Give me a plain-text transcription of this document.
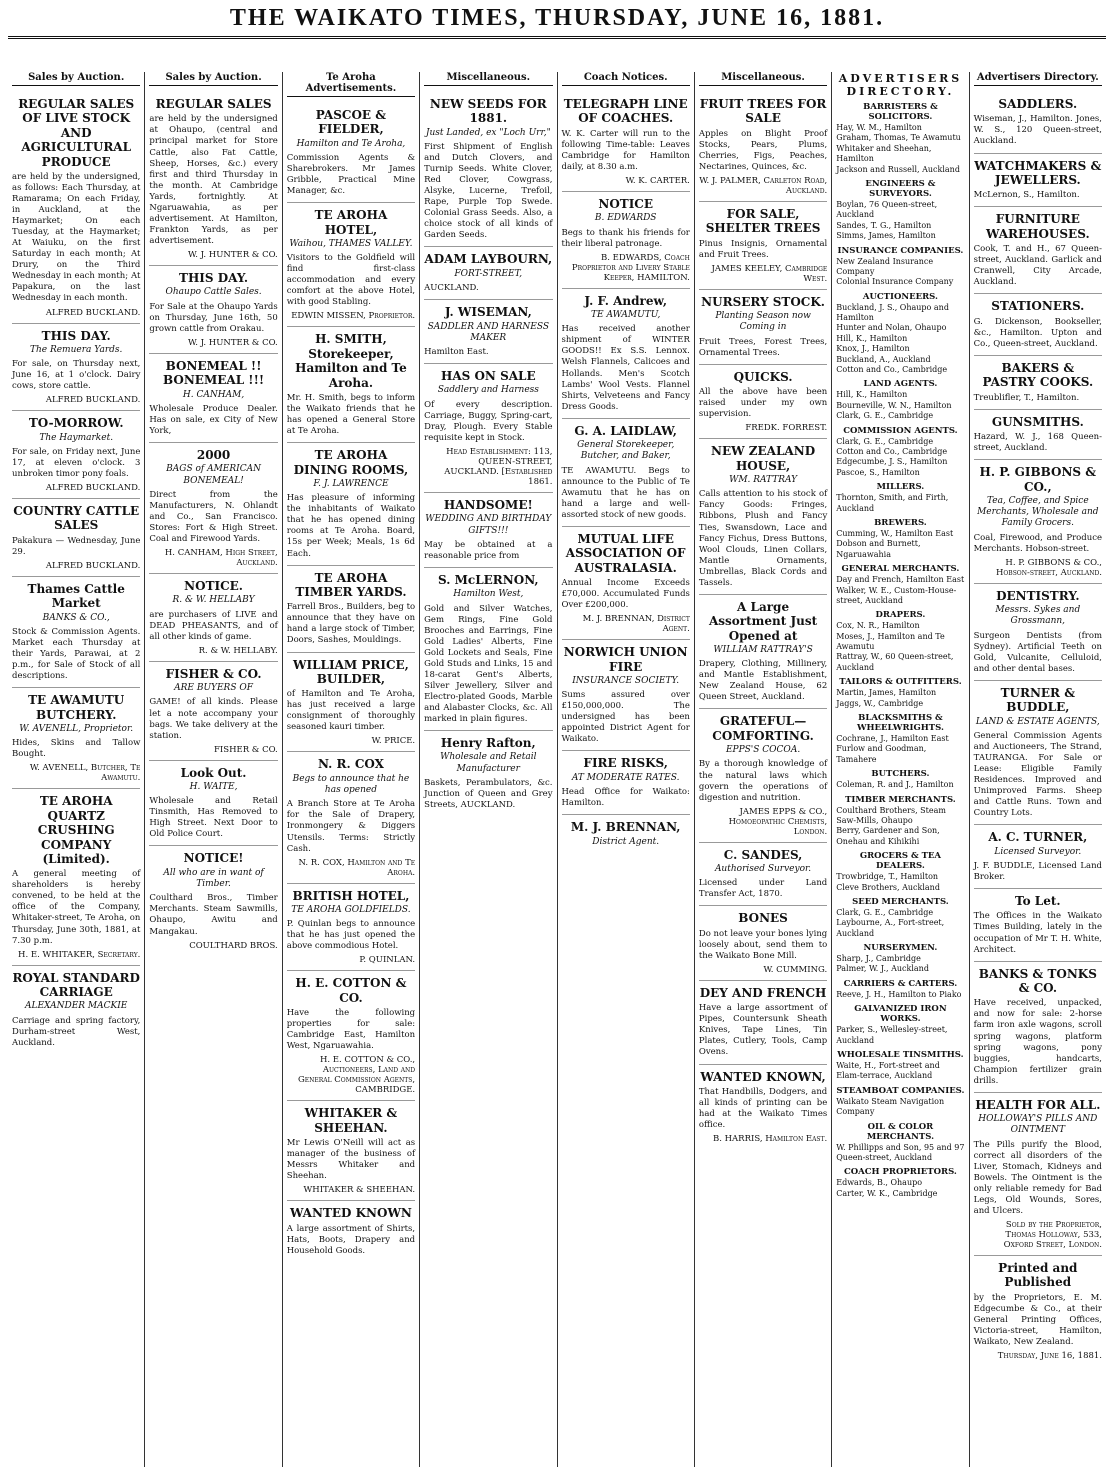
THE WAIKATO TIMES, THURSDAY, JUNE 16, 1881.
Sales by Auction.

REGULAR SALES OF LIVE STOCK AND AGRICULTURAL PRODUCE

are held by the undersigned, as follows: Each Thursday, at Ramarama; On each Friday, in Auckland, at the Haymarket; On each Tuesday, at the Haymarket; At Waiuku, on the first Saturday in each month; At Drury, on the Third Wednesday in each month; At Papakura, on the last Wednesday in each month.

ALFRED BUCKLAND.

THIS DAY.

The Remuera Yards.

For sale, on Thursday next, June 16, at 1 o'clock. Dairy cows, store cattle.

ALFRED BUCKLAND.

TO-MORROW.

The Haymarket.

For sale, on Friday next, June 17, at eleven o'clock. 3 unbroken timor pony foals.

ALFRED BUCKLAND.

COUNTRY CATTLE SALES

Pakakura — Wednesday, June 29.

ALFRED BUCKLAND.

Thames Cattle Market

BANKS & CO.,

Stock & Commission Agents. Market each Thursday at their Yards, Parawai, at 2 p.m., for Sale of Stock of all descriptions.

TE AWAMUTU BUTCHERY.

W. AVENELL, Proprietor.

Hides, Skins and Tallow Bought.

W. AVENELL, Butcher, Te Awamutu.

TE AROHA QUARTZ CRUSHING COMPANY (Limited).

A general meeting of shareholders is hereby convened, to be held at the office of the Company, Whitaker-street, Te Aroha, on Thursday, June 30th, 1881, at 7.30 p.m.

H. E. WHITAKER, Secretary.

ROYAL STANDARD CARRIAGE

ALEXANDER MACKIE

Carriage and spring factory, Durham-street West, Auckland.

Sales by Auction.

REGULAR SALES

are held by the undersigned at Ohaupo, (central and principal market for Store Cattle, also Fat Cattle, Sheep, Horses, &c.) every first and third Thursday in the month. At Cambridge Yards, fortnightly. At Ngaruawahia, as per advertisement. At Hamilton, Frankton Yards, as per advertisement.

W. J. HUNTER & CO.

THIS DAY.

Ohaupo Cattle Sales.

For Sale at the Ohaupo Yards on Thursday, June 16th, 50 grown cattle from Orakau.

W. J. HUNTER & CO.

BONEMEAL !! BONEMEAL !!!

H. CANHAM,

Wholesale Produce Dealer. Has on sale, ex City of New York,

2000

BAGS of AMERICAN BONEMEAL!

Direct from the Manufacturers, N. Ohlandt and Co., San Francisco. Stores: Fort & High Street. Coal and Firewood Yards.

H. CANHAM, High Street, Auckland.

NOTICE.

R. & W. HELLABY

are purchasers of LIVE and DEAD PHEASANTS, and of all other kinds of game.

R. & W. HELLABY.

FISHER & CO.

ARE BUYERS OF

GAME! of all kinds. Please let a note accompany your bags. We take delivery at the station.

FISHER & CO.

Look Out.

H. WAITE,

Wholesale and Retail Tinsmith, Has Removed to High Street. Next Door to Old Police Court.

NOTICE!

All who are in want of Timber.

Coulthard Bros., Timber Merchants. Steam Sawmills, Ohaupo, Awitu and Mangakau.

COULTHARD BROS.

Te Aroha Advertisements.

PASCOE & FIELDER,

Hamilton and Te Aroha,

Commission Agents & Sharebrokers. Mr James Gribble, Practical Mine Manager, &c.

TE AROHA HOTEL,

Waihou, THAMES VALLEY.

Visitors to the Goldfield will find first-class accommodation and every comfort at the above Hotel, with good Stabling.

EDWIN MISSEN, Proprietor.

H. SMITH, Storekeeper, Hamilton and Te Aroha.

Mr. H. Smith, begs to inform the Waikato friends that he has opened a General Store at Te Aroha.

TE AROHA DINING ROOMS,

F. J. LAWRENCE

Has pleasure of informing the inhabitants of Waikato that he has opened dining rooms at Te Aroha. Board, 15s per Week; Meals, 1s 6d Each.

TE AROHA TIMBER YARDS.

Farrell Bros., Builders, beg to announce that they have on hand a large stock of Timber, Doors, Sashes, Mouldings.

WILLIAM PRICE, BUILDER,

of Hamilton and Te Aroha, has just received a large consignment of thoroughly seasoned kauri timber.

W. PRICE.

N. R. COX

Begs to announce that he has opened

A Branch Store at Te Aroha for the Sale of Drapery, Ironmongery & Diggers Utensils. Terms: Strictly Cash.

N. R. COX, Hamilton and Te Aroha.

BRITISH HOTEL,

TE AROHA GOLDFIELDS.

P. Quinlan begs to announce that he has just opened the above commodious Hotel.

P. QUINLAN.

H. E. COTTON & CO.

Have the following properties for sale: Cambridge East, Hamilton West, Ngaruawahia.

H. E. COTTON & CO., Auctioneers, Land and General Commission Agents, CAMBRIDGE.

WHITAKER & SHEEHAN.

Mr Lewis O'Neill will act as manager of the business of Messrs Whitaker and Sheehan.

WHITAKER & SHEEHAN.

WANTED KNOWN

A large assortment of Shirts, Hats, Boots, Drapery and Household Goods.

Miscellaneous.

NEW SEEDS FOR 1881.

Just Landed, ex "Loch Urr,"

First Shipment of English and Dutch Clovers, and Turnip Seeds. White Clover, Red Clover, Cowgrass, Alsyke, Lucerne, Trefoil, Rape, Purple Top Swede. Colonial Grass Seeds. Also, a choice stock of all kinds of Garden Seeds.

ADAM LAYBOURN,

FORT-STREET,

AUCKLAND.

J. WISEMAN,

SADDLER AND HARNESS MAKER

Hamilton East.

HAS ON SALE

Saddlery and Harness

Of every description. Carriage, Buggy, Spring-cart, Dray, Plough. Every Stable requisite kept in Stock.

Head Establishment: 113, QUEEN-STREET, AUCKLAND. [Established 1861.

HANDSOME!

WEDDING AND BIRTHDAY GIFTS!!!

May be obtained at a reasonable price from

S. McLERNON,

Hamilton West,

Gold and Silver Watches, Gem Rings, Fine Gold Brooches and Earrings, Fine Gold Ladies' Alberts, Fine Gold Lockets and Seals, Fine Gold Studs and Links, 15 and 18-carat Gent's Alberts, Silver Jewellery, Silver and Electro-plated Goods, Marble and Alabaster Clocks, &c. All marked in plain figures.

Henry Rafton,

Wholesale and Retail Manufacturer

Baskets, Perambulators, &c. Junction of Queen and Grey Streets, AUCKLAND.

Coach Notices.

TELEGRAPH LINE OF COACHES.

W. K. Carter will run to the following Time-table: Leaves Cambridge for Hamilton daily, at 8.30 a.m.

W. K. CARTER.

NOTICE

B. EDWARDS

Begs to thank his friends for their liberal patronage.

B. EDWARDS, Coach Proprietor and Livery Stable Keeper, HAMILTON.

J. F. Andrew,

TE AWAMUTU,

Has received another shipment of WINTER GOODS!! Ex S.S. Lennox. Welsh Flannels, Calicoes and Hollands. Men's Scotch Lambs' Wool Vests. Flannel Shirts, Velveteens and Fancy Dress Goods.

G. A. LAIDLAW,

General Storekeeper, Butcher, and Baker,

TE AWAMUTU. Begs to announce to the Public of Te Awamutu that he has on hand a large and well-assorted stock of new goods.

MUTUAL LIFE ASSOCIATION OF AUSTRALASIA.

Annual Income Exceeds £70,000. Accumulated Funds Over £200,000.

M. J. BRENNAN, District Agent.

NORWICH UNION FIRE

INSURANCE SOCIETY.

Sums assured over £150,000,000. The undersigned has been appointed District Agent for Waikato.

FIRE RISKS,

AT MODERATE RATES.

Head Office for Waikato: Hamilton.

M. J. BRENNAN,

District Agent.

Miscellaneous.

FRUIT TREES FOR SALE

Apples on Blight Proof Stocks, Pears, Plums, Cherries, Figs, Peaches, Nectarines, Quinces, &c.

W. J. PALMER, Carleton Road, Auckland.

FOR SALE, SHELTER TREES

Pinus Insignis, Ornamental and Fruit Trees.

JAMES KEELEY, Cambridge West.

NURSERY STOCK.

Planting Season now Coming in

Fruit Trees, Forest Trees, Ornamental Trees.

QUICKS.

All the above have been raised under my own supervision.

FREDK. FORREST.

NEW ZEALAND HOUSE,

WM. RATTRAY

Calls attention to his stock of Fancy Goods: Fringes, Ribbons, Plush and Fancy Ties, Swansdown, Lace and Fancy Fichus, Dress Buttons, Wool Clouds, Linen Collars, Mantle Ornaments, Umbrellas, Black Cords and Tassels.

A Large Assortment Just Opened at

WILLIAM RATTRAY'S

Drapery, Clothing, Millinery, and Mantle Establishment, New Zealand House, 62 Queen Street, Auckland.

GRATEFUL—COMFORTING.

EPPS'S COCOA.

By a thorough knowledge of the natural laws which govern the operations of digestion and nutrition.

JAMES EPPS & CO., Homoeopathic Chemists, London.

C. SANDES,

Authorised Surveyor.

Licensed under Land Transfer Act, 1870.

BONES

Do not leave your bones lying loosely about, send them to the Waikato Bone Mill.

W. CUMMING.

DEY AND FRENCH

Have a large assortment of Pipes, Countersunk Sheath Knives, Tape Lines, Tin Plates, Cutlery, Tools, Camp Ovens.

WANTED KNOWN,

That Handbills, Dodgers, and all kinds of printing can be had at the Waikato Times office.

B. HARRIS, Hamilton East.

ADVERTISERS
DIRECTORY.
BARRISTERS & SOLICITORS.
Hay, W. M., Hamilton
Graham, Thomas, Te Awamutu
Whitaker and Sheehan, Hamilton
Jackson and Russell, Auckland
ENGINEERS & SURVEYORS.
Boylan, 76 Queen-street, Auckland
Sandes, T. G., Hamilton
Simms, James, Hamilton
INSURANCE COMPANIES.
New Zealand Insurance Company
Colonial Insurance Company
AUCTIONEERS.
Buckland, J. S., Ohaupo and Hamilton
Hunter and Nolan, Ohaupo
Hill, K., Hamilton
Knox, J., Hamilton
Buckland, A., Auckland
Cotton and Co., Cambridge
LAND AGENTS.
Hill, K., Hamilton
Bourneville, W. N., Hamilton
Clark, G. E., Cambridge
COMMISSION AGENTS.
Clark, G. E., Cambridge
Cotton and Co., Cambridge
Edgecumbe, J. S., Hamilton
Pascoe, S., Hamilton
MILLERS.
Thornton, Smith, and Firth, Auckland
BREWERS.
Cumming, W., Hamilton East
Dobson and Burnett, Ngaruawahia
GENERAL MERCHANTS.
Day and French, Hamilton East
Walker, W. E., Custom-House-street, Auckland
DRAPERS.
Cox, N. R., Hamilton
Moses, J., Hamilton and Te Awamutu
Rattray, W., 60 Queen-street, Auckland
TAILORS & OUTFITTERS.
Martin, James, Hamilton
Jaggs, W., Cambridge
BLACKSMITHS & WHEELWRIGHTS.
Cochrane, J., Hamilton East
Furlow and Goodman, Tamahere
BUTCHERS.
Coleman, R. and J., Hamilton
TIMBER MERCHANTS.
Coulthard Brothers, Steam Saw-Mills, Ohaupo
Berry, Gardener and Son, Onehau and Kihikihi
GROCERS & TEA DEALERS.
Trowbridge, T., Hamilton
Cleve Brothers, Auckland
SEED MERCHANTS.
Clark, G. E., Cambridge
Laybourne, A., Fort-street, Auckland
NURSERYMEN.
Sharp, J., Cambridge
Palmer, W. J., Auckland
CARRIERS & CARTERS.
Reeve, J. H., Hamilton to Piako
GALVANIZED IRON WORKS.
Parker, S., Wellesley-street, Auckland
WHOLESALE TINSMITHS.
Waite, H., Fort-street and Elam-terrace, Auckland
STEAMBOAT COMPANIES.
Waikato Steam Navigation Company
OIL & COLOR MERCHANTS.
W. Phillipps and Son, 95 and 97 Queen-street, Auckland
COACH PROPRIETORS.
Edwards, B., Ohaupo
Carter, W. K., Cambridge
Advertisers Directory.

SADDLERS.

Wiseman, J., Hamilton. Jones, W. S., 120 Queen-street, Auckland.

WATCHMAKERS & JEWELLERS.

McLernon, S., Hamilton.

FURNITURE WAREHOUSES.

Cook, T. and H., 67 Queen-street, Auckland. Garlick and Cranwell, City Arcade, Auckland.

STATIONERS.

G. Dickenson, Bookseller, &c., Hamilton. Upton and Co., Queen-street, Auckland.

BAKERS & PASTRY COOKS.

Treublifler, T., Hamilton.

GUNSMITHS.

Hazard, W. J., 168 Queen-street, Auckland.

H. P. GIBBONS & CO.,

Tea, Coffee, and Spice Merchants, Wholesale and Family Grocers.

Coal, Firewood, and Produce Merchants. Hobson-street.

H. P. GIBBONS & CO., Hobson-street, Auckland.

DENTISTRY.

Messrs. Sykes and Grossmann,

Surgeon Dentists (from Sydney). Artificial Teeth on Gold, Vulcanite, Celluloid, and other dental bases.

TURNER & BUDDLE,

LAND & ESTATE AGENTS,

General Commission Agents and Auctioneers, The Strand, TAURANGA. For Sale or Lease: Eligible Family Residences. Improved and Unimproved Farms. Sheep and Cattle Runs. Town and Country Lots.

A. C. TURNER,

Licensed Surveyor.

J. F. BUDDLE, Licensed Land Broker.

To Let.

The Offices in the Waikato Times Building, lately in the occupation of Mr T. H. White, Architect.

BANKS & TONKS & CO.

Have received, unpacked, and now for sale: 2-horse farm iron axle wagons, scroll spring wagons, platform spring wagons, pony buggies, handcarts, Champion fertilizer grain drills.

HEALTH FOR ALL.

HOLLOWAY'S PILLS AND OINTMENT

The Pills purify the Blood, correct all disorders of the Liver, Stomach, Kidneys and Bowels. The Ointment is the only reliable remedy for Bad Legs, Old Wounds, Sores, and Ulcers.

Sold by the Proprietor, Thomas Holloway, 533, Oxford Street, London.

Printed and Published

by the Proprietors, E. M. Edgecumbe & Co., at their General Printing Offices, Victoria-street, Hamilton, Waikato, New Zealand.

Thursday, June 16, 1881.
